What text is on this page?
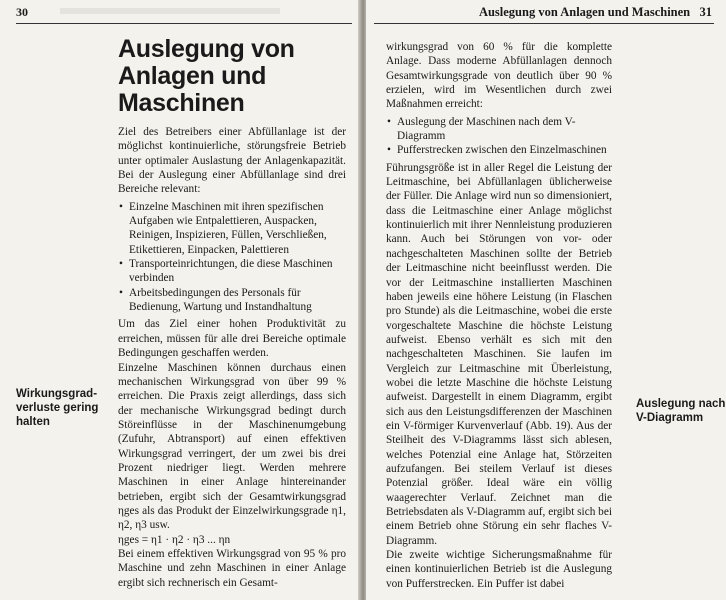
30
Auslegung von Anlagen und Maschinen
Wirkungsgrad-verluste gering halten

Ziel des Betreibers einer Abfüllanlage ist der möglichst kontinuierliche, störungsfreie Betrieb unter optimaler Auslastung der Anlagenkapazität. Bei der Auslegung einer Abfüllanlage sind drei Bereiche relevant:

• Einzelne Maschinen mit ihren spezifischen Aufgaben wie Entpalettieren, Auspacken, Reinigen, Inspizieren, Füllen, Verschließen, Etikettieren, Einpacken, Palettieren
• Transporteinrichtungen, die diese Maschinen verbinden
• Arbeitsbedingungen des Personals für Bedienung, Wartung und Instandhaltung

Um das Ziel einer hohen Produktivität zu erreichen, müssen für alle drei Bereiche optimale Bedingungen geschaffen werden.

Einzelne Maschinen können durchaus einen mechanischen Wirkungsgrad von über 99 % erreichen. Die Praxis zeigt allerdings, dass sich der mechanische Wirkungsgrad bedingt durch Störeinflüsse in der Maschinenumgebung (Zufuhr, Abtransport) auf einen effektiven Wirkungsgrad verringert, der um zwei bis drei Prozent niedriger liegt. Werden mehrere Maschinen in einer Anlage hintereinander betrieben, ergibt sich der Gesamtwirkungsgrad ηges als das Produkt der Einzelwirkungsgrade η1, η2, η3 usw.

ηges = η1 · η2 · η3 ... ηn

Bei einem effektiven Wirkungsgrad von 95 % pro Maschine und zehn Maschinen in einer Anlage ergibt sich rechnerisch ein Gesamt-

Auslegung von Anlagen und Maschinen 31

wirkungsgrad von 60 % für die komplette Anlage. Dass moderne Abfüllanlagen dennoch Gesamtwirkungsgrade von deutlich über 90 % erzielen, wird im Wesentlichen durch zwei Maßnahmen erreicht:

• Auslegung der Maschinen nach dem V-Diagramm
• Pufferstrecken zwischen den Einzelmaschinen

Führungsgröße ist in aller Regel die Leistung der Leitmaschine, bei Abfüllanlagen üblicherweise der Füller. Die Anlage wird nun so dimensioniert, dass die Leitmaschine einer Anlage möglichst kontinuierlich mit ihrer Nennleistung produzieren kann. Auch bei Störungen von vor- oder nachgeschalteten Maschinen sollte der Betrieb der Leitmaschine nicht beeinflusst werden. Die vor der Leitmaschine installierten Maschinen haben jeweils eine höhere Leistung (in Flaschen pro Stunde) als die Leitmaschine, wobei die erste vorgeschaltete Maschine die höchste Leistung aufweist. Ebenso verhält es sich mit den nachgeschalteten Maschinen. Sie laufen im Vergleich zur Leitmaschine mit Überleistung, wobei die letzte Maschine die höchste Leistung aufweist. Dargestellt in einem Diagramm, ergibt sich aus den Leistungsdifferenzen der Maschinen ein V-förmiger Kurvenverlauf (Abb. 19). Aus der Steilheit des V-Diagramms lässt sich ablesen, welches Potenzial eine Anlage hat, Störzeiten aufzufangen. Bei steilem Verlauf ist dieses Potenzial größer. Ideal wäre ein völlig waagerechter Verlauf. Zeichnet man die Betriebsdaten als V-Diagramm auf, ergibt sich bei einem Betrieb ohne Störung ein sehr flaches V-Diagramm.

Die zweite wichtige Sicherungsmaßnahme für einen kontinuierlichen Betrieb ist die Auslegung von Pufferstrecken. Ein Puffer ist dabei

Auslegung nach V-Diagramm
